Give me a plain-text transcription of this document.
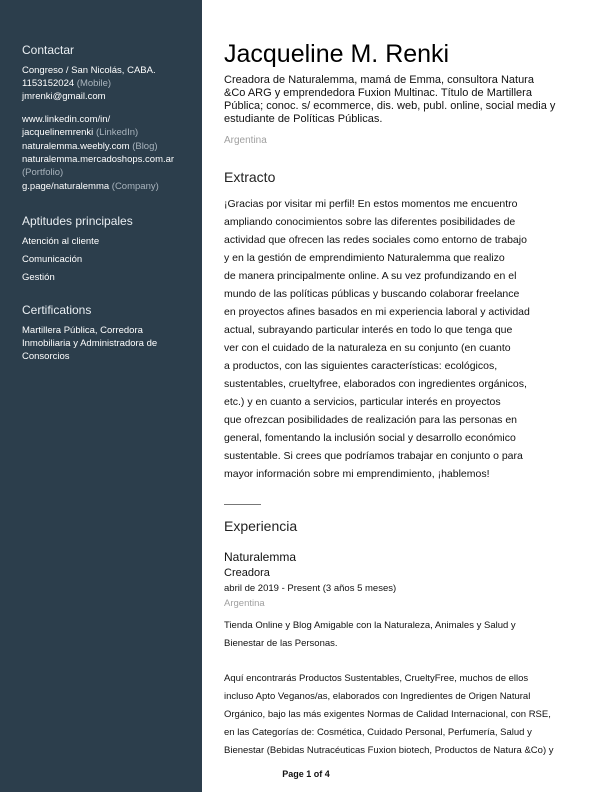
Contactar
Congreso / San Nicolás, CABA.
1153152024 (Mobile)
jmrenki@gmail.com
www.linkedin.com/in/
jacquelinemrenki (LinkedIn)
naturalemma.weebly.com (Blog)
naturalemma.mercadoshops.com.ar
(Portfolio)
g.page/naturalemma (Company)
Aptitudes principales
Atención al cliente
Comunicación
Gestión
Certifications
Martillera Pública, Corredora
Inmobiliaria y Administradora de
Consorcios
Jacqueline M. Renki
Creadora de Naturalemma, mamá de Emma, consultora Natura
&Co ARG y emprendedora Fuxion Multinac. Título de Martillera
Pública; conoc. s/ ecommerce, dis. web, publ. online, social media y
estudiante de Políticas Públicas.
Argentina
Extracto
¡Gracias por visitar mi perfil! En estos momentos me encuentro
ampliando conocimientos sobre las diferentes posibilidades de
actividad que ofrecen las redes sociales como entorno de trabajo
y en la gestión de emprendimiento Naturalemma que realizo
de manera principalmente online. A su vez profundizando en el
mundo de las políticas públicas y buscando colaborar freelance
en proyectos afines basados en mi experiencia laboral y actividad
actual, subrayando particular interés en todo lo que tenga que
ver con el cuidado de la naturaleza en su conjunto (en cuanto
a productos, con las siguientes características: ecológicos,
sustentables, crueltyfree, elaborados con ingredientes orgánicos,
etc.) y en cuanto a servicios, particular interés en proyectos
que ofrezcan posibilidades de realización para las personas en
general, fomentando la inclusión social y desarrollo económico
sustentable. Si crees que podríamos trabajar en conjunto o para
mayor información sobre mi emprendimiento, ¡hablemos!
Experiencia
Naturalemma
Creadora
abril de 2019 - Present (3 años 5 meses)
Argentina
Tienda Online y Blog Amigable con la Naturaleza, Animales y Salud y
Bienestar de las Personas.
Aquí encontrarás Productos Sustentables, CrueltyFree, muchos de ellos
incluso Apto Veganos/as, elaborados con Ingredientes de Origen Natural
Orgánico, bajo las más exigentes Normas de Calidad Internacional, con RSE,
en las Categorías de: Cosmética, Cuidado Personal, Perfumería, Salud y
Bienestar (Bebidas Nutracéuticas Fuxion biotech, Productos de Natura &Co) y
Page 1 of 4
